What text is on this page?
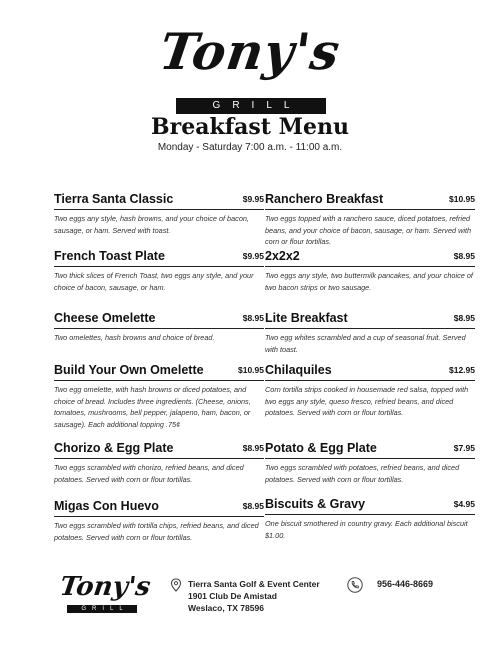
Tony's
GRILL
Breakfast Menu
Monday - Saturday 7:00 a.m. - 11:00 a.m.
Tierra Santa Classic	$9.95
Two eggs any style, hash browns, and your choice of bacon, sausage, or ham. Served with toast.
French Toast Plate	$9.95
Two thick slices of French Toast, two eggs any style, and your choice of bacon, sausage, or ham.
Cheese Omelette	$8.95
Two omelettes, hash browns and choice of bread.
Build Your Own Omelette	$10.95
Two egg omelette, with hash browns or diced potatoes, and choice of bread. Includes three ingredients. (Cheese, onions, tomatoes, mushrooms, bell pepper, jalapeno, ham, bacon, or sausage). Each additional topping .75¢
Chorizo & Egg Plate	$8.95
Two eggs scrambled with chorizo, refried beans, and diced potatoes. Served with corn or flour tortillas.
Migas Con Huevo	$8.95
Two eggs scrambled with tortilla chips, refried beans, and diced potatoes. Served with corn or flour tortillas.
Ranchero Breakfast	$10.95
Two eggs topped with a ranchero sauce, diced potatoes, refried beans, and your choice of bacon, sausage, or ham. Served with corn or flour tortillas.
2x2x2	$8.95
Two eggs any style, two buttermilk pancakes, and your choice of two bacon strips or two sausage.
Lite Breakfast	$8.95
Two egg whites scrambled and a cup of seasonal fruit. Served with toast.
Chilaquiles	$12.95
Corn tortilla strips cooked in housemade red salsa, topped with two eggs any style, queso fresco, refried beans, and diced potatoes. Served with corn or flour tortillas.
Potato & Egg Plate	$7.95
Two eggs scrambled with potatoes, refried beans, and diced potatoes. Served with corn or flour tortillas.
Biscuits & Gravy	$4.95
One biscuit smothered in country gravy. Each additional biscuit $1.00.
Tony's
GRILL
Tierra Santa Golf & Event Center
1901 Club De Amistad
Weslaco, TX 78596
956-446-8669
